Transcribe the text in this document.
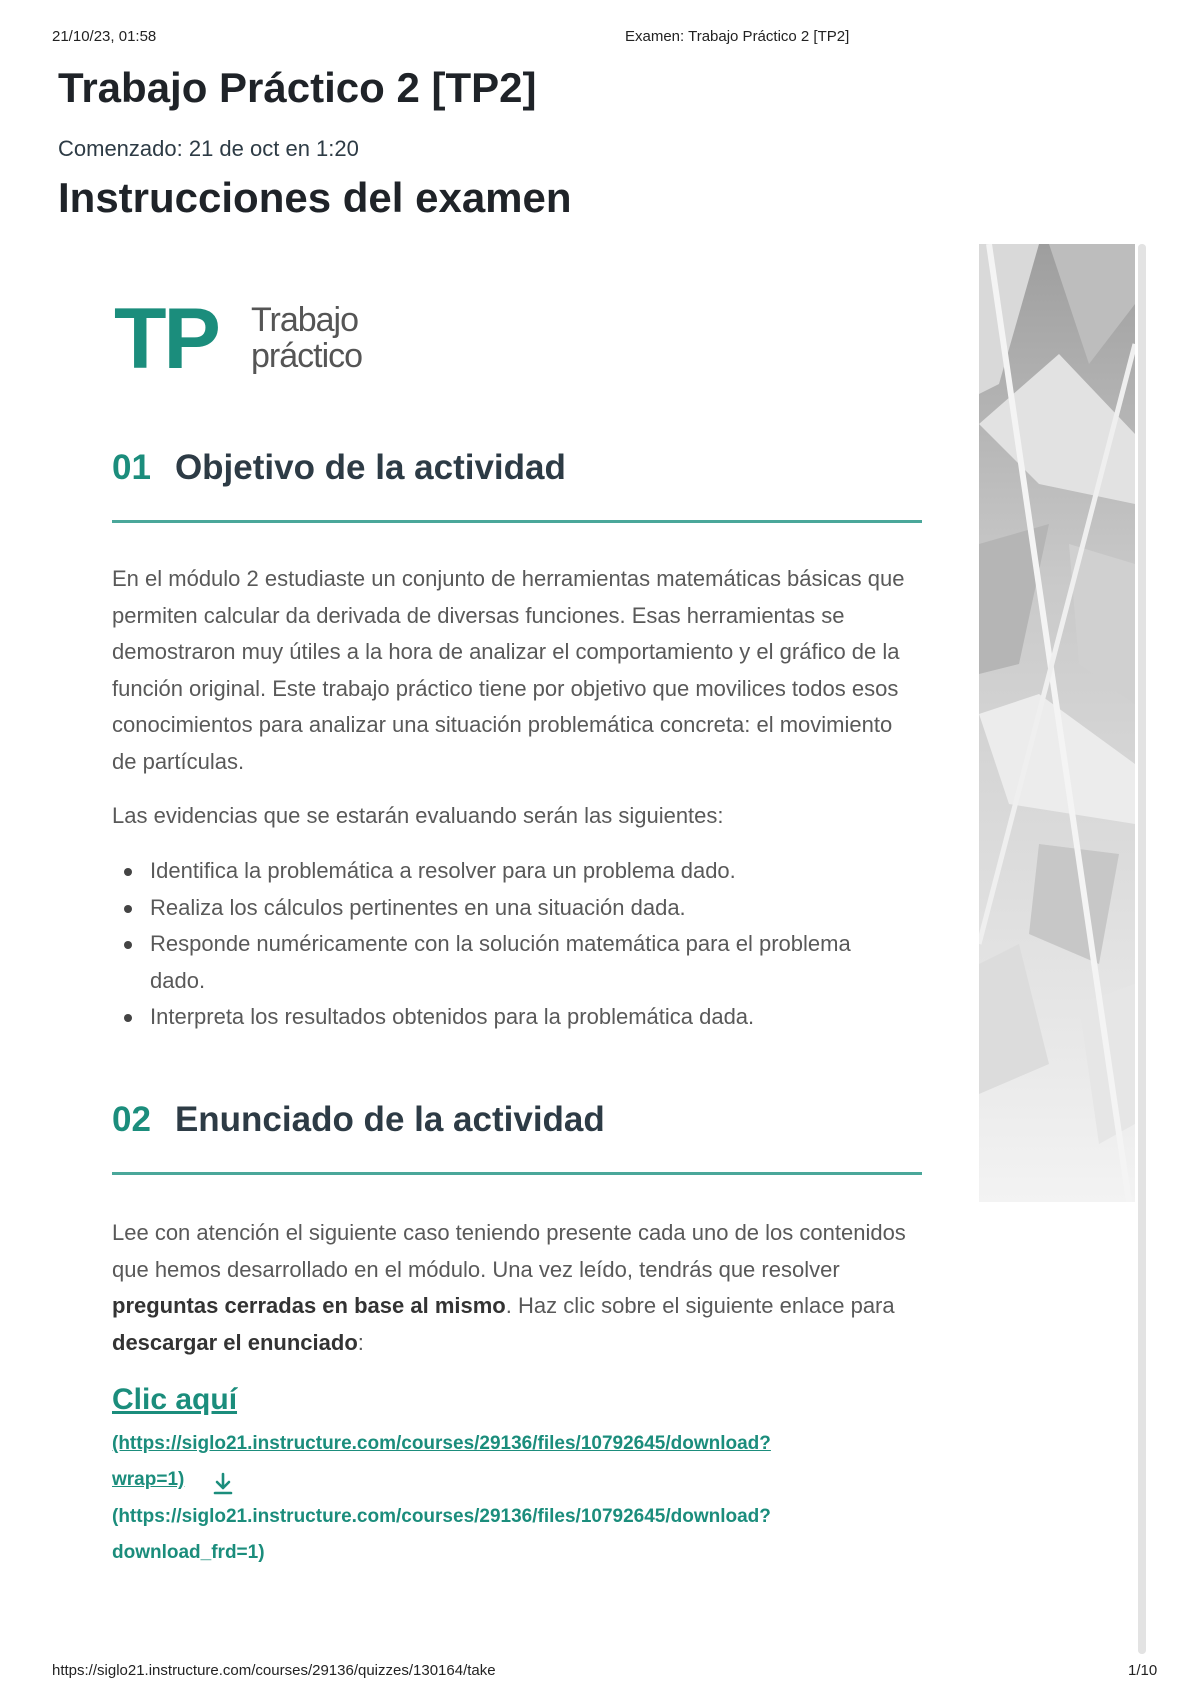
21/10/23, 01:58	Examen: Trabajo Práctico 2 [TP2]
Trabajo Práctico 2 [TP2]
Comenzado: 21 de oct en 1:20
Instrucciones del examen
TP Trabajo
práctico
01 Objetivo de la actividad

En el módulo 2 estudiaste un conjunto de herramientas matemáticas básicas que permiten calcular da derivada de diversas funciones. Esas herramientas se demostraron muy útiles a la hora de analizar el comportamiento y el gráfico de la función original. Este trabajo práctico tiene por objetivo que movilices todos esos conocimientos para analizar una situación problemática concreta: el movimiento de partículas.

Las evidencias que se estarán evaluando serán las siguientes:

Identifica la problemática a resolver para un problema dado.
Realiza los cálculos pertinentes en una situación dada.
Responde numéricamente con la solución matemática para el problema dado.
Interpreta los resultados obtenidos para la problemática dada.
02 Enunciado de la actividad

Lee con atención el siguiente caso teniendo presente cada uno de los contenidos que hemos desarrollado en el módulo. Una vez leído, tendrás que resolver preguntas cerradas en base al mismo. Haz clic sobre el siguiente enlace para descargar el enunciado:

Clic aquí
(https://siglo21.instructure.com/courses/29136/files/10792645/download?
wrap=1)
(https://siglo21.instructure.com/courses/29136/files/10792645/download?
download_frd=1)
https://siglo21.instructure.com/courses/29136/quizzes/130164/take	1/10
